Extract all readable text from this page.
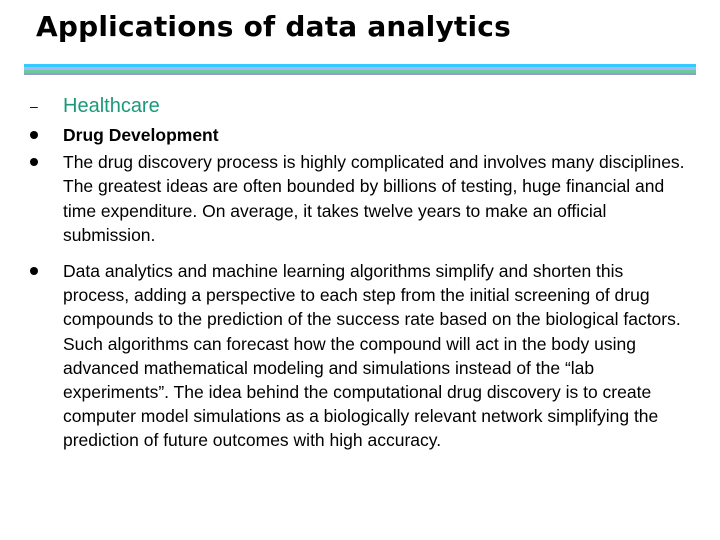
Applications of data analytics
–	Healthcare
Drug Development
The drug discovery process is highly complicated and involves many disciplines. The greatest ideas are often bounded by billions of testing, huge financial and time expenditure. On average, it takes twelve years to make an official submission.
Data analytics and machine learning algorithms simplify and shorten this process, adding a perspective to each step from the initial screening of drug compounds to the prediction of the success rate based on the biological factors. Such algorithms can forecast how the compound will act in the body using advanced mathematical modeling and simulations instead of the “lab experiments”. The idea behind the computational drug discovery is to create computer model simulations as a biologically relevant network simplifying the prediction of future outcomes with high accuracy.
